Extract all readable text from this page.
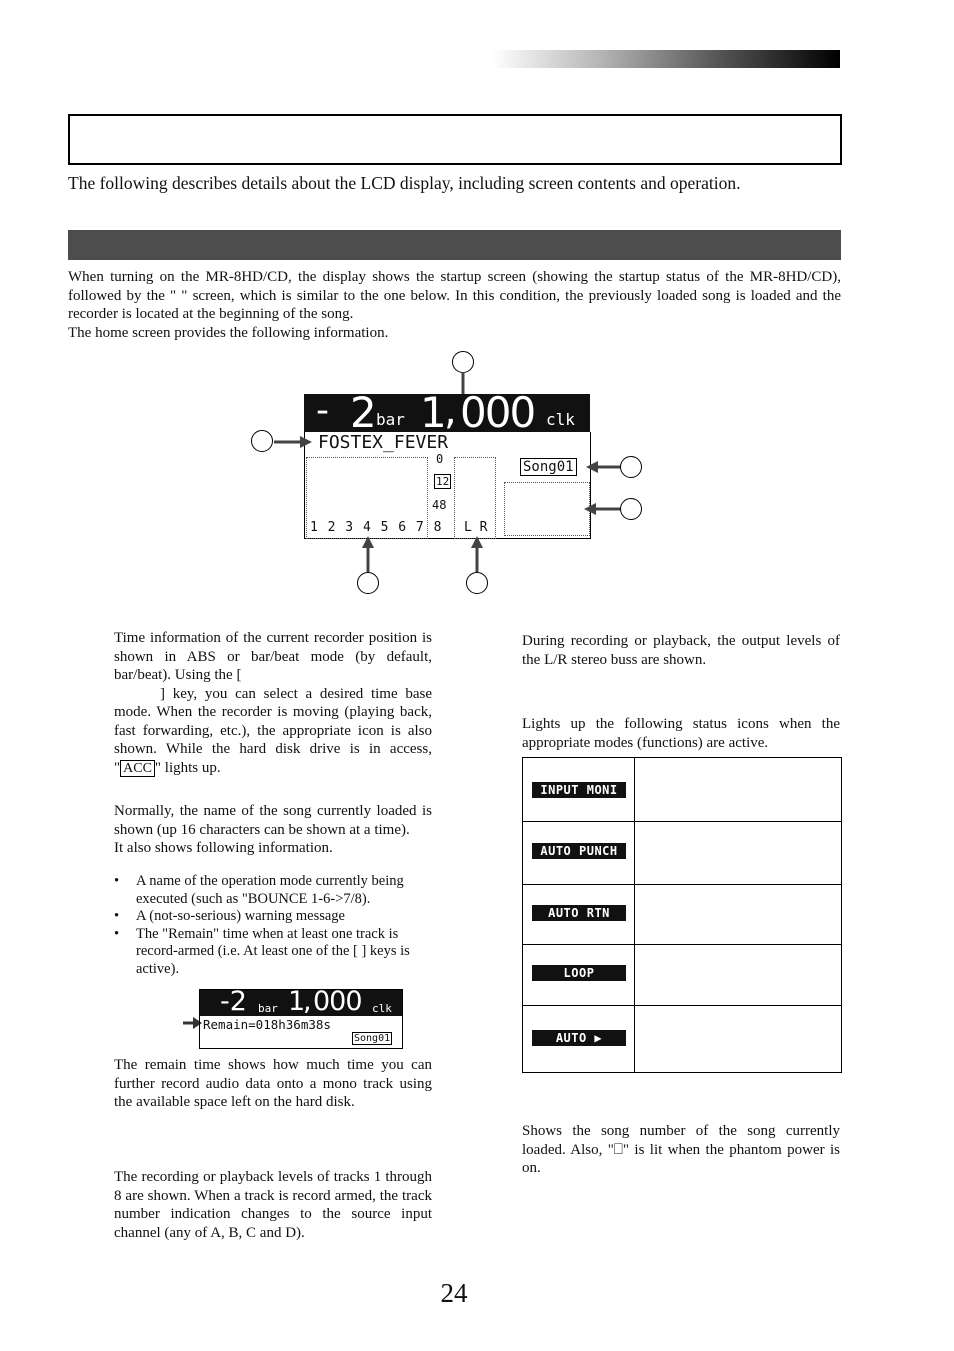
The following describes details about the LCD display, including screen contents and operation.
When turning on the MR-8HD/CD, the display shows the startup screen (showing the startup status of the MR-8HD/CD), followed by the " " screen, which is similar to the one below. In this condition, the previously loaded song is loaded and the recorder is located at the beginning of the song.
The home screen provides the following information.
- 2 bar 1
, 000 clk
FOSTEX_FEVER
0
12
48
1 2 3 4 5 6 7 8 L R
Song01
Time information of the current recorder position is shown in ABS or bar/beat mode (by default, bar/beat). Using the [
] key, you can select a desired time base mode. When the recorder is moving (playing back, fast forwarding, etc.), the appropriate icon is also shown. While the hard disk drive is in access, " ACC " lights up.
Normally, the name of the song currently loaded is shown (up 16 characters can be shown at a time).
It also shows following information.
• A name of the operation mode currently being executed (such as "BOUNCE 1-6->7/8).
• A (not-so-serious) warning message
• The "Remain" time when at least one track is record-armed (i.e. At least one of the [ ] keys is active).
-2 bar 1
, 000 clk
Remain=018h36m38s
Song01
The remain time shows how much time you can further record audio data onto a mono track using the available space left on the hard disk.
The recording or playback levels of tracks 1 through 8 are shown. When a track is record armed, the track number indication changes to the source input channel (any of A, B, C and D).
During recording or playback, the output levels of the L/R stereo buss are shown.
Lights up the following status icons when the appropriate modes (functions) are active.
INPUT MONI
AUTO PUNCH
AUTO RTN
LOOP
AUTO ▶
Shows the song number of the song currently loaded. Also, "⎕" is lit when the phantom power is on.
24
